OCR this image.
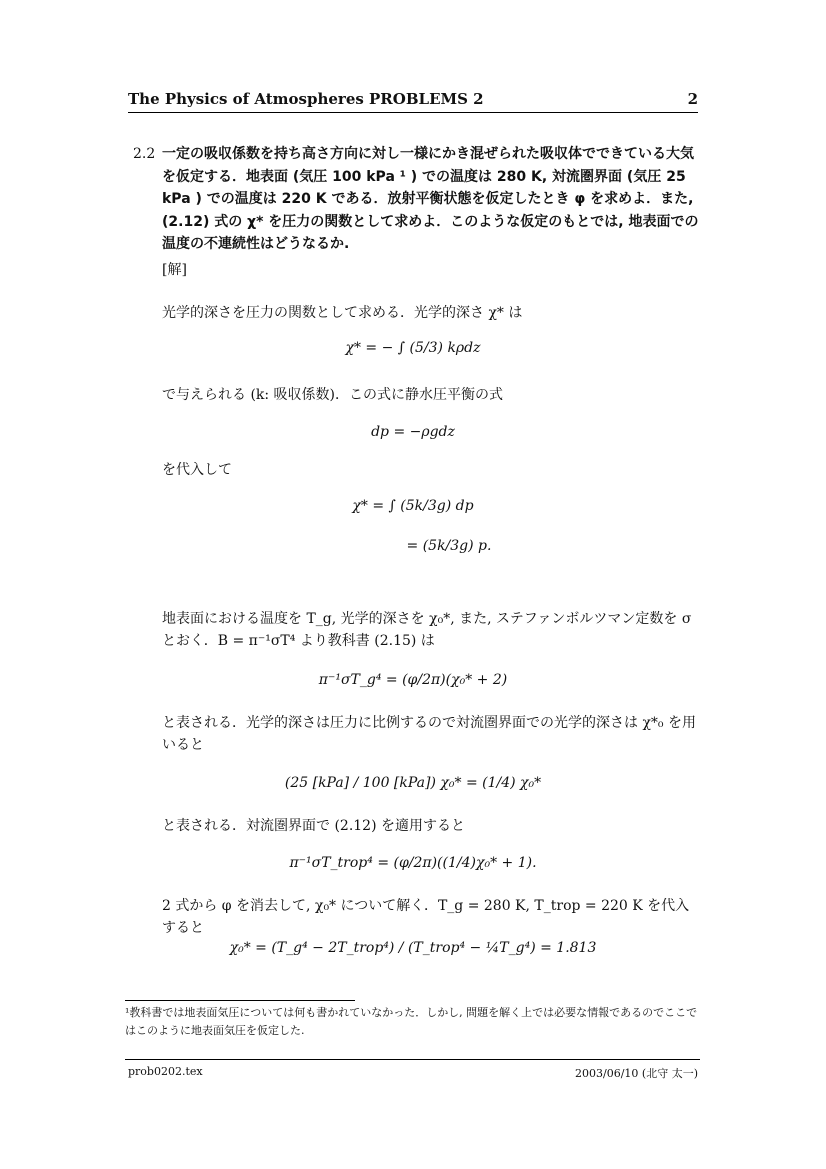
The Physics of Atmospheres PROBLEMS 2	2
2.2 一定の吸収係数を持ち高さ方向に対し一様にかき混ぜられた吸収体でできている大気を仮定する．地表面 (気圧 100 kPa ¹ ) での温度は 280 K, 対流圏界面 (気圧 25 kPa ) での温度は 220 K である．放射平衡状態を仮定したとき φ を求めよ．また, (2.12) 式の χ* を圧力の関数として求めよ．このような仮定のもとでは, 地表面での温度の不連続性はどうなるか.
[解]
光学的深さを圧力の関数として求める．光学的深さ χ* は
χ* = − ∫ (5/3) kρdz
で与えられる (k: 吸収係数)．この式に静水圧平衡の式
dp = −ρgdz
を代入して
χ* = ∫ (5k/3g) dp
= (5k/3g) p.
地表面における温度を T_g, 光学的深さを χ₀*, また, ステファンボルツマン定数を σ とおく．B = π⁻¹σT⁴ より教科書 (2.15) は
π⁻¹σT_g⁴ = (φ/2π)(χ₀* + 2)
と表される．光学的深さは圧力に比例するので対流圏界面での光学的深さは χ*₀ を用いると
(25 [kPa] / 100 [kPa]) χ₀* = (1/4) χ₀*
と表される．対流圏界面で (2.12) を適用すると
π⁻¹σT_trop⁴ = (φ/2π)((1/4)χ₀* + 1).
2 式から φ を消去して, χ₀* について解く．T_g = 280 K, T_trop = 220 K を代入すると
χ₀* = (T_g⁴ − 2T_trop⁴) / (T_trop⁴ − ¼T_g⁴) = 1.813
¹教科書では地表面気圧については何も書かれていなかった．しかし, 問題を解く上では必要な情報であるのでここではこのように地表面気圧を仮定した.
prob0202.tex	2003/06/10 (北守 太一)
